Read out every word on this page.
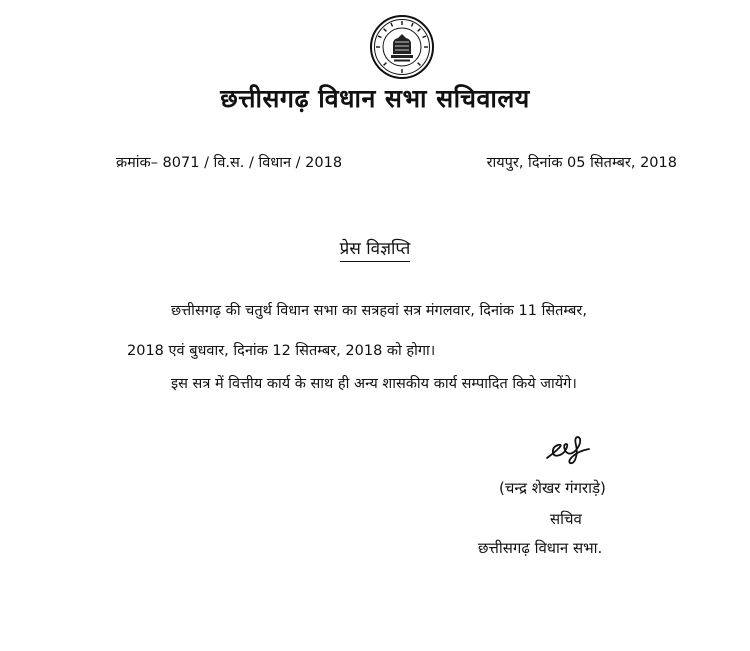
छत्तीसगढ़ विधान सभा सचिवालय
क्रमांक– 8071 / वि.स. / विधान / 2018	रायपुर, दिनांक 05 सितम्बर, 2018
प्रेस विज्ञप्ति
छत्तीसगढ़ की चतुर्थ विधान सभा का सत्रहवां सत्र मंगलवार, दिनांक 11 सितम्बर,
2018 एवं बुधवार, दिनांक 12 सितम्बर, 2018 को होगा।
इस सत्र में वित्तीय कार्य के साथ ही अन्य शासकीय कार्य सम्पादित किये जायेंगे।
(चन्द्र शेखर गंगराड़े)
सचिव
छत्तीसगढ़ विधान सभा.
